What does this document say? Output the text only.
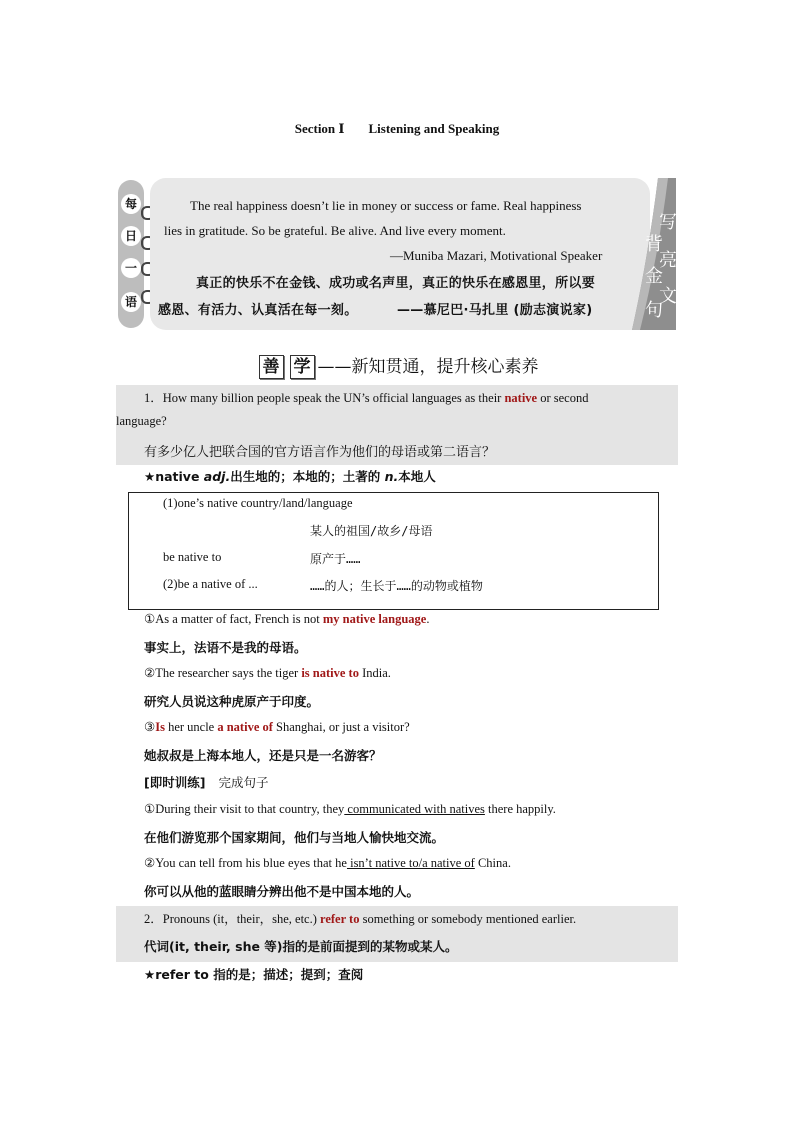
Section Ⅰ Listening and Speaking
每
日
一
语
背
金
句
写
亮
文
The real happiness doesn’t lie in money or success or fame. Real happiness
lies in gratitude. So be grateful. Be alive. And live every moment.
—Muniba Mazari, Motivational Speaker
真正的快乐不在金钱、成功或名声里，真正的快乐在感恩里，所以要
感恩、有活力、认真活在每一刻。	——慕尼巴·马扎里 (励志演说家)
善 学 ——新知贯通，提升核心素养
1．How many billion people speak the UN’s official languages as their native or second
language?
有多少亿人把联合国的官方语言作为他们的母语或第二语言？
★native adj.出生地的；本地的；土著的 n.本地人
(1)one’s native country/land/language
某人的祖国/故乡/母语
be native to	原产于……
(2)be a native of ...	……的人；生长于……的动物或植物
①As a matter of fact, French is not my native language.
事实上，法语不是我的母语。
②The researcher says the tiger is native to India.
研究人员说这种虎原产于印度。
③Is her uncle a native of Shanghai, or just a visitor?
她叔叔是上海本地人，还是只是一名游客？
[即时训练] 完成句子
①During their visit to that country, they communicated with natives there happily.
在他们游览那个国家期间，他们与当地人愉快地交流。
②You can tell from his blue eyes that he isn’t native to/a native of China.
你可以从他的蓝眼睛分辨出他不是中国本地的人。
2．Pronouns (it，their，she, etc.) refer to something or somebody mentioned earlier.
代词(it, their, she 等)指的是前面提到的某物或某人。
★refer to 指的是；描述；提到；查阅
